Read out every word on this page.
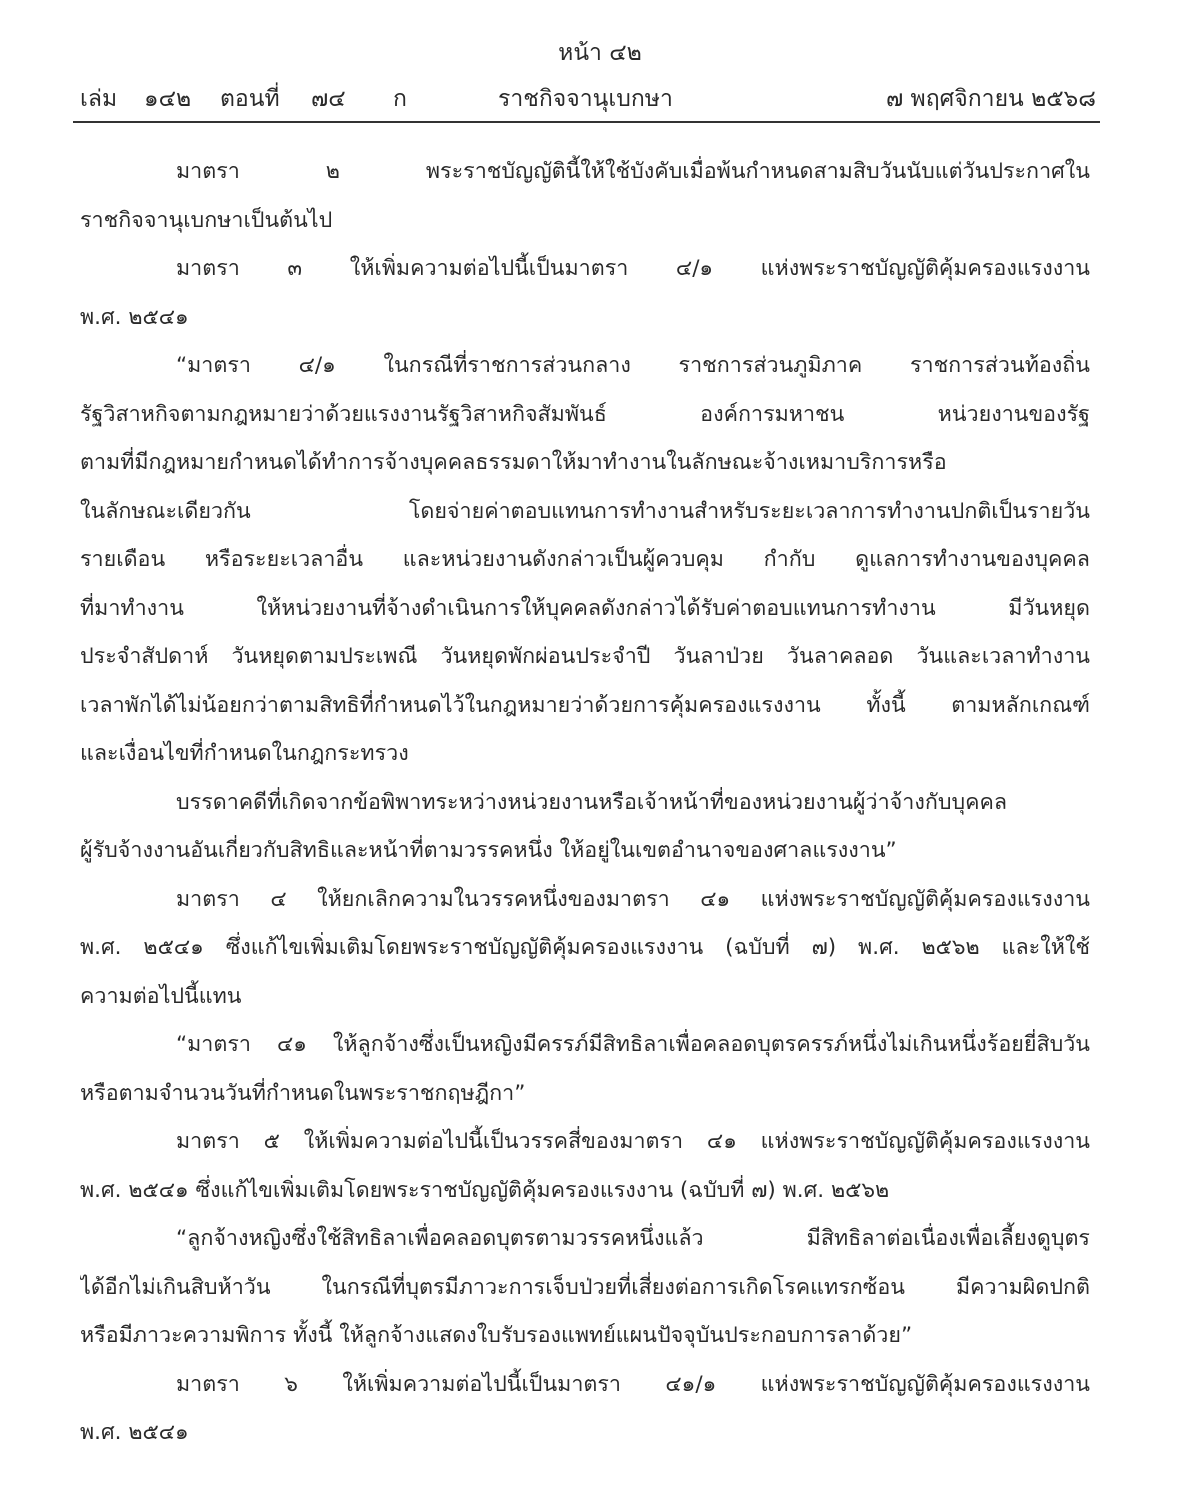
หน้า ๔๒
เล่ม ๑๔๒ ตอนที่ ๗๔ ก	ราชกิจจานุเบกษา	๗ พฤศจิกายน ๒๕๖๘
มาตรา ๒ พระราชบัญญัตินี้ให้ใช้บังคับเมื่อพ้นกำหนดสามสิบวันนับแต่วันประกาศใน
ราชกิจจานุเบกษาเป็นต้นไป
มาตรา ๓ ให้เพิ่มความต่อไปนี้เป็นมาตรา ๔/๑ แห่งพระราชบัญญัติคุ้มครองแรงงาน
พ.ศ. ๒๕๔๑
“มาตรา ๔/๑ ในกรณีที่ราชการส่วนกลาง ราชการส่วนภูมิภาค ราชการส่วนท้องถิ่น
รัฐวิสาหกิจตามกฎหมายว่าด้วยแรงงานรัฐวิสาหกิจสัมพันธ์ องค์การมหาชน หน่วยงานของรัฐ
ตามที่มีกฎหมายกำหนดได้ทำการจ้างบุคคลธรรมดาให้มาทำงานในลักษณะจ้างเหมาบริการหรือ
ในลักษณะเดียวกัน โดยจ่ายค่าตอบแทนการทำงานสำหรับระยะเวลาการทำงานปกติเป็นรายวัน
รายเดือน หรือระยะเวลาอื่น และหน่วยงานดังกล่าวเป็นผู้ควบคุม กำกับ ดูแลการทำงานของบุคคล
ที่มาทำงาน ให้หน่วยงานที่จ้างดำเนินการให้บุคคลดังกล่าวได้รับค่าตอบแทนการทำงาน มีวันหยุด
ประจำสัปดาห์ วันหยุดตามประเพณี วันหยุดพักผ่อนประจำปี วันลาป่วย วันลาคลอด วันและเวลาทำงาน
เวลาพักได้ไม่น้อยกว่าตามสิทธิที่กำหนดไว้ในกฎหมายว่าด้วยการคุ้มครองแรงงาน ทั้งนี้ ตามหลักเกณฑ์
และเงื่อนไขที่กำหนดในกฎกระทรวง
บรรดาคดีที่เกิดจากข้อพิพาทระหว่างหน่วยงานหรือเจ้าหน้าที่ของหน่วยงานผู้ว่าจ้างกับบุคคล
ผู้รับจ้างงานอันเกี่ยวกับสิทธิและหน้าที่ตามวรรคหนึ่ง ให้อยู่ในเขตอำนาจของศาลแรงงาน”
มาตรา ๔ ให้ยกเลิกความในวรรคหนึ่งของมาตรา ๔๑ แห่งพระราชบัญญัติคุ้มครองแรงงาน
พ.ศ. ๒๕๔๑ ซึ่งแก้ไขเพิ่มเติมโดยพระราชบัญญัติคุ้มครองแรงงาน (ฉบับที่ ๗) พ.ศ. ๒๕๖๒ และให้ใช้
ความต่อไปนี้แทน
“มาตรา ๔๑ ให้ลูกจ้างซึ่งเป็นหญิงมีครรภ์มีสิทธิลาเพื่อคลอดบุตรครรภ์หนึ่งไม่เกินหนึ่งร้อยยี่สิบวัน
หรือตามจำนวนวันที่กำหนดในพระราชกฤษฎีกา”
มาตรา ๕ ให้เพิ่มความต่อไปนี้เป็นวรรคสี่ของมาตรา ๔๑ แห่งพระราชบัญญัติคุ้มครองแรงงาน
พ.ศ. ๒๕๔๑ ซึ่งแก้ไขเพิ่มเติมโดยพระราชบัญญัติคุ้มครองแรงงาน (ฉบับที่ ๗) พ.ศ. ๒๕๖๒
“ลูกจ้างหญิงซึ่งใช้สิทธิลาเพื่อคลอดบุตรตามวรรคหนึ่งแล้ว มีสิทธิลาต่อเนื่องเพื่อเลี้ยงดูบุตร
ได้อีกไม่เกินสิบห้าวัน ในกรณีที่บุตรมีภาวะการเจ็บป่วยที่เสี่ยงต่อการเกิดโรคแทรกซ้อน มีความผิดปกติ
หรือมีภาวะความพิการ ทั้งนี้ ให้ลูกจ้างแสดงใบรับรองแพทย์แผนปัจจุบันประกอบการลาด้วย”
มาตรา ๖ ให้เพิ่มความต่อไปนี้เป็นมาตรา ๔๑/๑ แห่งพระราชบัญญัติคุ้มครองแรงงาน
พ.ศ. ๒๕๔๑
